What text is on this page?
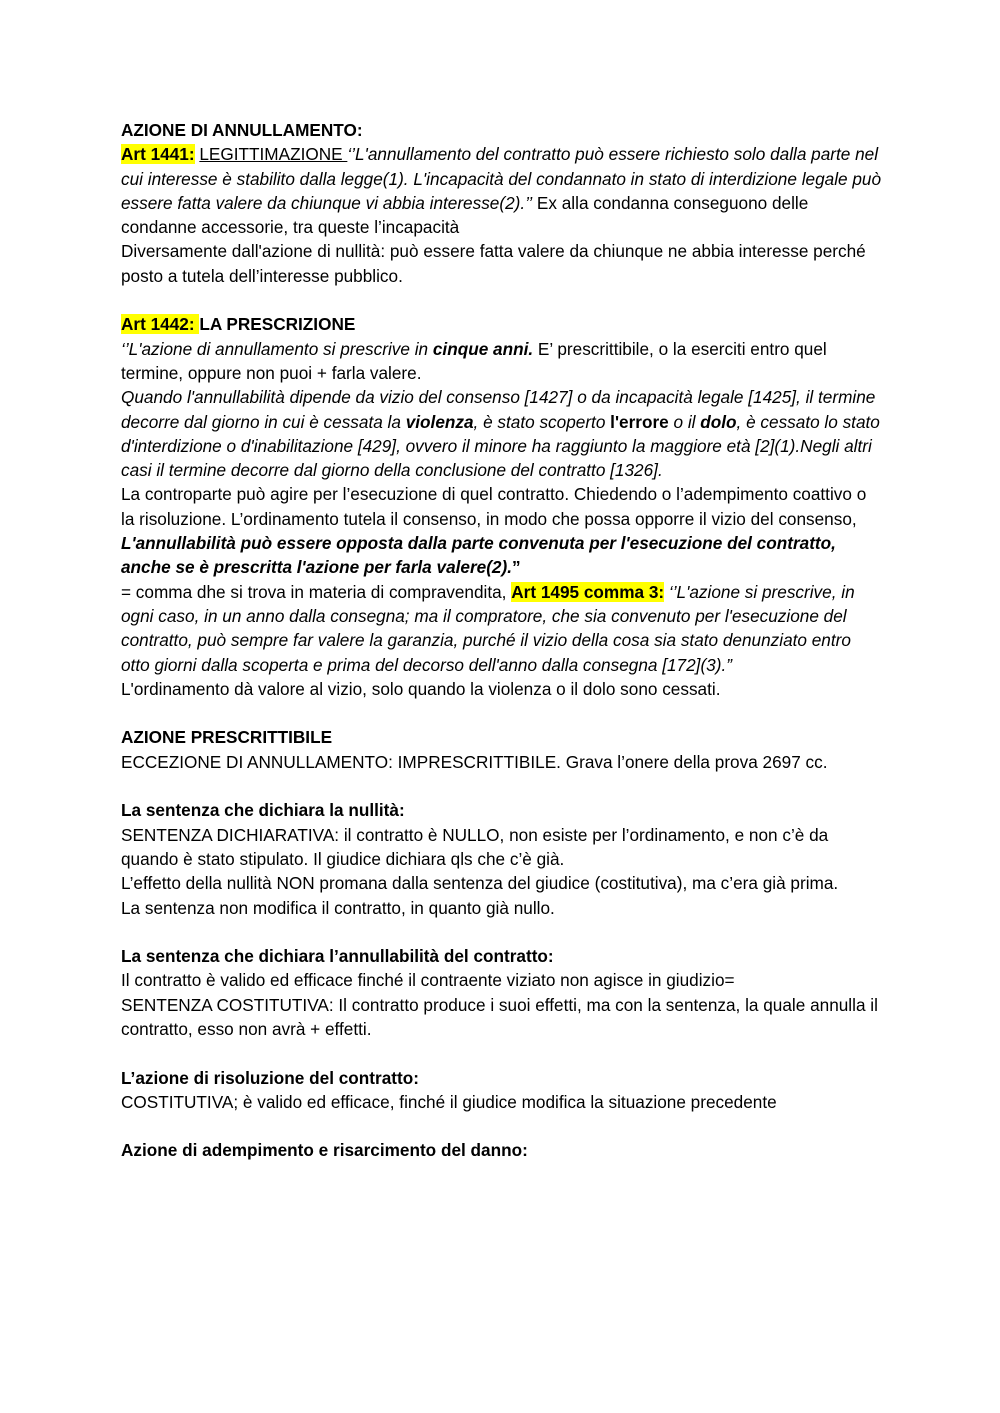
AZIONE DI ANNULLAMENTO:

Art 1441: LEGITTIMAZIONE ‘’L'annullamento del contratto può essere richiesto solo dalla parte nel cui interesse è stabilito dalla legge(1). L'incapacità del condannato in stato di interdizione legale può essere fatta valere da chiunque vi abbia interesse(2).’’ Ex alla condanna conseguono delle condanne accessorie, tra queste l’incapacità

Diversamente dall'azione di nullità: può essere fatta valere da chiunque ne abbia interesse perché posto a tutela dell’interesse pubblico.

Art 1442: LA PRESCRIZIONE

‘’L'azione di annullamento si prescrive in cinque anni. E’ prescrittibile, o la eserciti entro quel termine, oppure non puoi + farla valere.

Quando l'annullabilità dipende da vizio del consenso [1427] o da incapacità legale [1425], il termine decorre dal giorno in cui è cessata la violenza, è stato scoperto l'errore o il dolo, è cessato lo stato d'interdizione o d'inabilitazione [429], ovvero il minore ha raggiunto la maggiore età [2](1).Negli altri casi il termine decorre dal giorno della conclusione del contratto [1326].

La controparte può agire per l’esecuzione di quel contratto. Chiedendo o l’adempimento coattivo o la risoluzione. L’ordinamento tutela il consenso, in modo che possa opporre il vizio del consenso,

L'annullabilità può essere opposta dalla parte convenuta per l'esecuzione del contratto, anche se è prescritta l'azione per farla valere(2).”

= comma dhe si trova in materia di compravendita, Art 1495 comma 3: ‘’L'azione si prescrive, in ogni caso, in un anno dalla consegna; ma il compratore, che sia convenuto per l'esecuzione del contratto, può sempre far valere la garanzia, purché il vizio della cosa sia stato denunziato entro otto giorni dalla scoperta e prima del decorso dell'anno dalla consegna [172](3).”

L'ordinamento dà valore al vizio, solo quando la violenza o il dolo sono cessati.

AZIONE PRESCRITTIBILE

ECCEZIONE DI ANNULLAMENTO: IMPRESCRITTIBILE. Grava l’onere della prova 2697 cc.

La sentenza che dichiara la nullità:

SENTENZA DICHIARATIVA: il contratto è NULLO, non esiste per l’ordinamento, e non c’è da quando è stato stipulato. Il giudice dichiara qls che c’è già.

L’effetto della nullità NON promana dalla sentenza del giudice (costitutiva), ma c’era già prima.

La sentenza non modifica il contratto, in quanto già nullo.

La sentenza che dichiara l’annullabilità del contratto:

Il contratto è valido ed efficace finché il contraente viziato non agisce in giudizio=

SENTENZA COSTITUTIVA: Il contratto produce i suoi effetti, ma con la sentenza, la quale annulla il contratto, esso non avrà + effetti.

L’azione di risoluzione del contratto:

COSTITUTIVA; è valido ed efficace, finché il giudice modifica la situazione precedente

Azione di adempimento e risarcimento del danno:
